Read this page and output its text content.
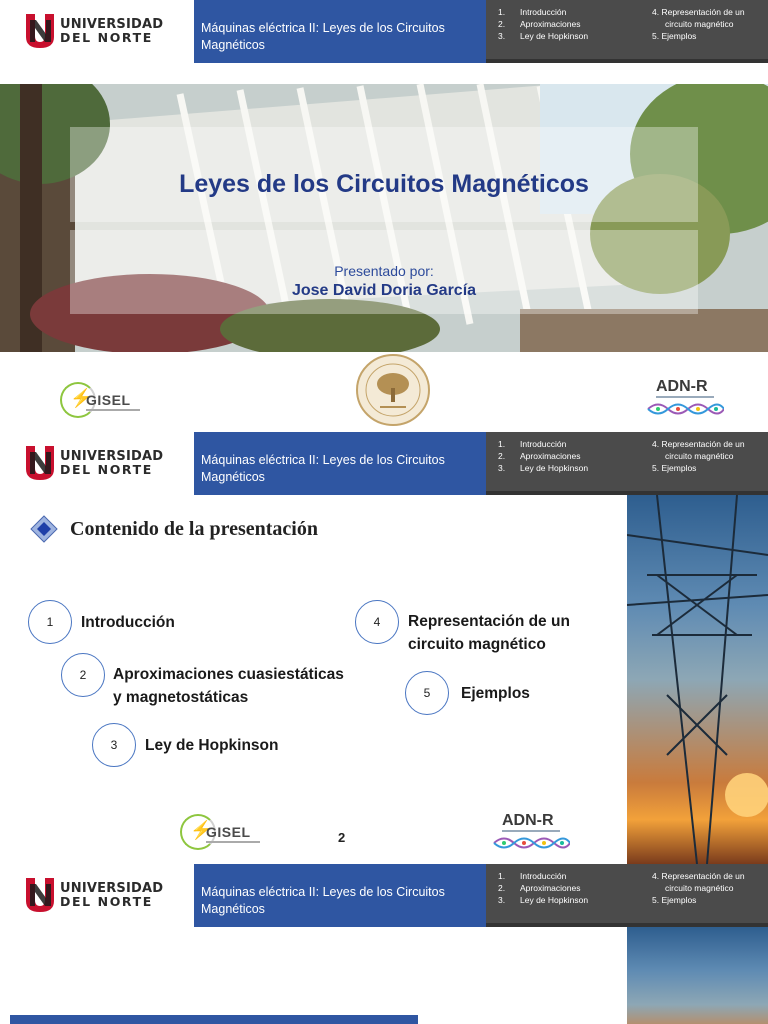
UNIVERSIDAD
DEL NORTE
Máquinas eléctrica II: Leyes de los Circuitos Magnéticos
1. Introducción
2. Aproximaciones
3. Ley de Hopkinson
4. Representación de un
circuito magnético
5. Ejemplos
Leyes de los Circuitos Magnéticos
Presentado por:
Jose David Doria García
⚡
GISEL
ADN-R
UNIVERSIDAD
DEL NORTE
Máquinas eléctrica II: Leyes de los Circuitos Magnéticos
1. Introducción
2. Aproximaciones
3. Ley de Hopkinson
4. Representación de un
circuito magnético
5. Ejemplos
Contenido de la presentación
1	Introducción
2	Aproximaciones cuasiestáticas
y magnetostáticas
3	Ley de Hopkinson
4	Representación de un
circuito magnético
5	Ejemplos
⚡
GISEL	2
ADN-R
UNIVERSIDAD
DEL NORTE
Máquinas eléctrica II: Leyes de los Circuitos Magnéticos
1. Introducción
2. Aproximaciones
3. Ley de Hopkinson
4. Representación de un
circuito magnético
5. Ejemplos
